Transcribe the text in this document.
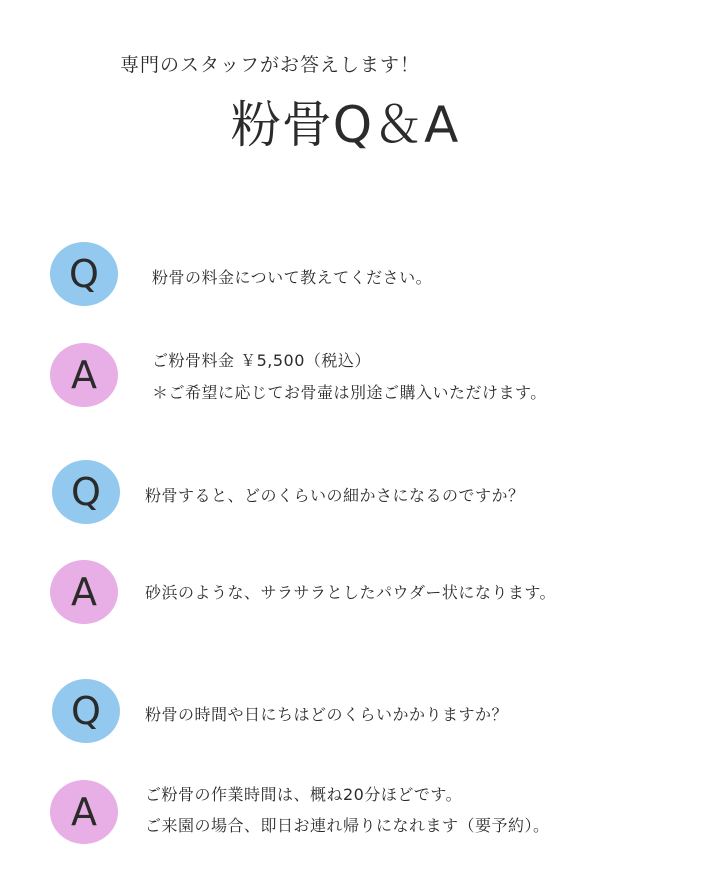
専門のスタッフがお答えします！
粉骨Q＆A
Q	粉骨の料金について教えてください。
A	ご粉骨料金 ￥5,500（税込）
＊ご希望に応じてお骨壷は別途ご購入いただけます。
Q	粉骨すると、どのくらいの細かさになるのですか？
A	砂浜のような、サラサラとしたパウダー状になります。
Q	粉骨の時間や日にちはどのくらいかかりますか？
A	ご粉骨の作業時間は、概ね20分ほどです。
ご来園の場合、即日お連れ帰りになれます（要予約）。
